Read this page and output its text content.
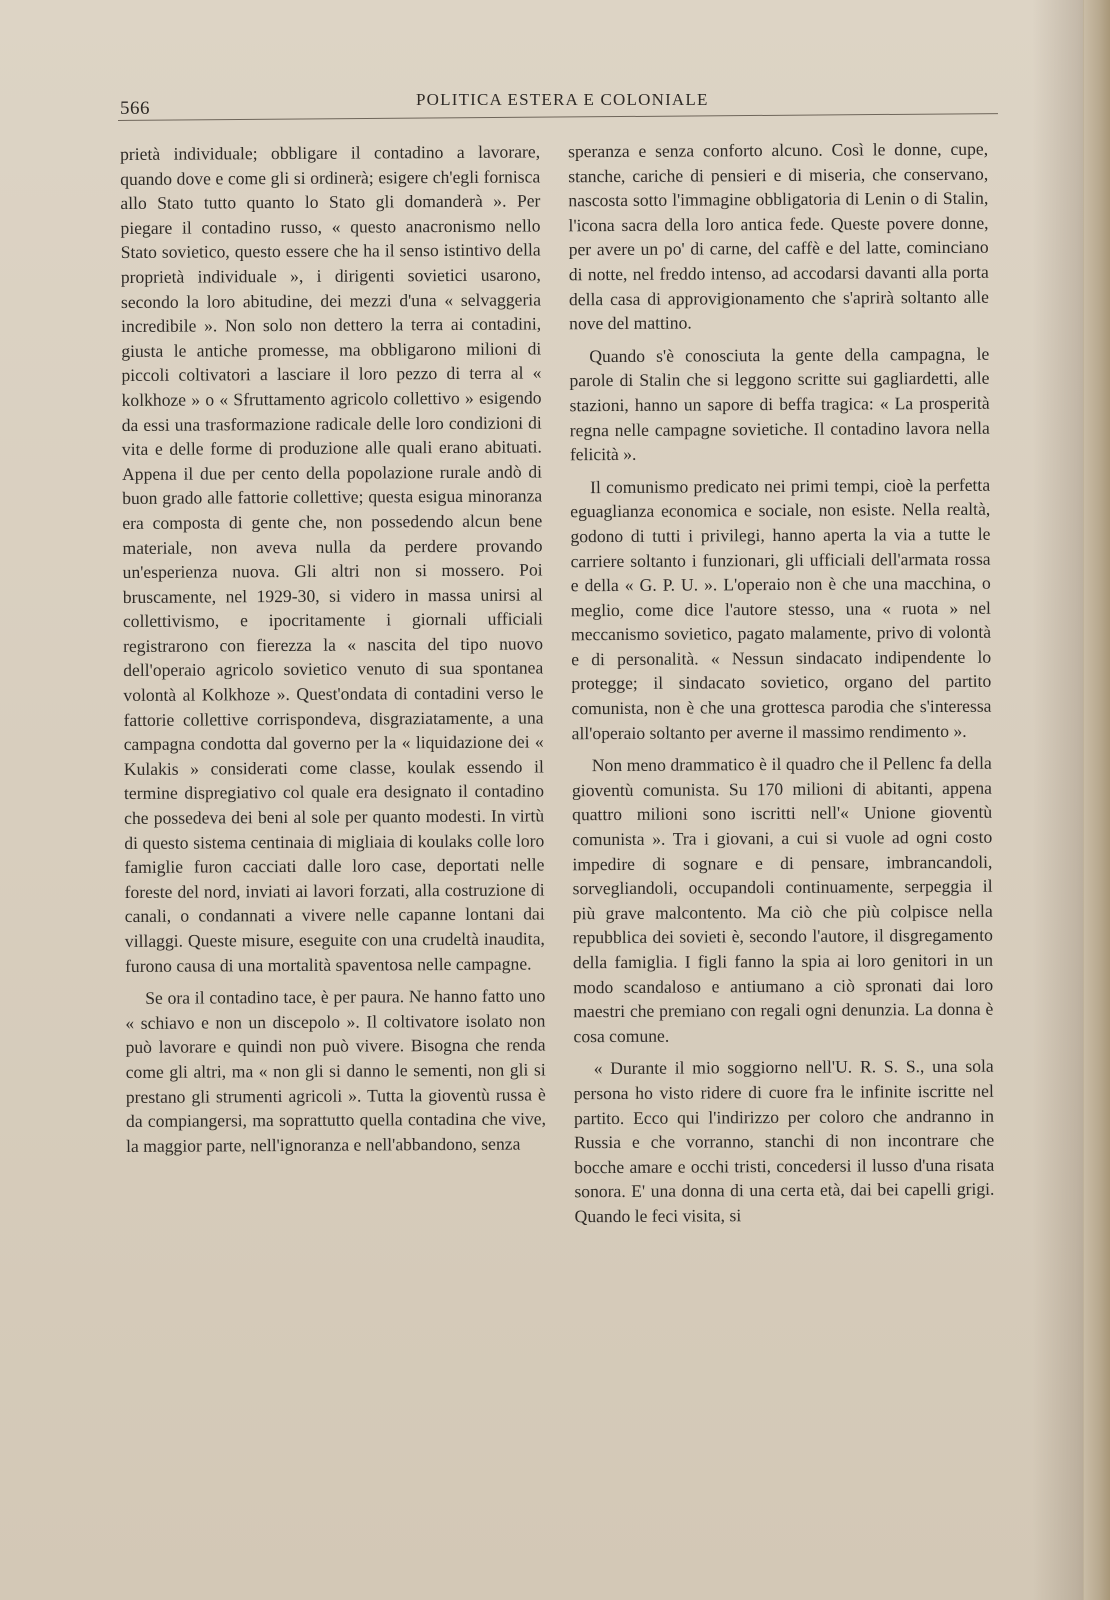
566	POLITICA ESTERA E COLONIALE

prietà individuale; obbligare il contadino a lavorare, quando dove e come gli si ordinerà; esigere ch'egli fornisca allo Stato tutto quanto lo Stato gli domanderà ». Per piegare il contadino russo, « questo anacronismo nello Stato sovietico, questo essere che ha il senso istintivo della proprietà individuale », i dirigenti sovietici usarono, secondo la loro abitudine, dei mezzi d'una « selvaggeria incredibile ». Non solo non dettero la terra ai contadini, giusta le antiche promesse, ma obbligarono milioni di piccoli coltivatori a lasciare il loro pezzo di terra al « kolkhoze » o « Sfruttamento agricolo collettivo » esigendo da essi una trasformazione radicale delle loro condizioni di vita e delle forme di produzione alle quali erano abituati. Appena il due per cento della popolazione rurale andò di buon grado alle fattorie collettive; questa esigua minoranza era composta di gente che, non possedendo alcun bene materiale, non aveva nulla da perdere provando un'esperienza nuova. Gli altri non si mossero. Poi bruscamente, nel 1929-30, si videro in massa unirsi al collettivismo, e ipocritamente i giornali ufficiali registrarono con fierezza la « nascita del tipo nuovo dell'operaio agricolo sovietico venuto di sua spontanea volontà al Kolkhoze ». Quest'ondata di contadini verso le fattorie collettive corrispondeva, disgraziatamente, a una campagna condotta dal governo per la « liquidazione dei « Kulakis » considerati come classe, koulak essendo il termine dispregiativo col quale era designato il contadino che possedeva dei beni al sole per quanto modesti. In virtù di questo sistema centinaia di migliaia di koulaks colle loro famiglie furon cacciati dalle loro case, deportati nelle foreste del nord, inviati ai lavori forzati, alla costruzione di canali, o condannati a vivere nelle capanne lontani dai villaggi. Queste misure, eseguite con una crudeltà inaudita, furono causa di una mortalità spaventosa nelle campagne.

Se ora il contadino tace, è per paura. Ne hanno fatto uno « schiavo e non un discepolo ». Il coltivatore isolato non può lavorare e quindi non può vivere. Bisogna che renda come gli altri, ma « non gli si danno le sementi, non gli si prestano gli strumenti agricoli ». Tutta la gioventù russa è da compiangersi, ma soprattutto quella contadina che vive, la maggior parte, nell'ignoranza e nell'abbandono, senza

speranza e senza conforto alcuno. Così le donne, cupe, stanche, cariche di pensieri e di miseria, che conservano, nascosta sotto l'immagine obbligatoria di Lenin o di Stalin, l'icona sacra della loro antica fede. Queste povere donne, per avere un po' di carne, del caffè e del latte, cominciano di notte, nel freddo intenso, ad accodarsi davanti alla porta della casa di approvigionamento che s'aprirà soltanto alle nove del mattino.

Quando s'è conosciuta la gente della campagna, le parole di Stalin che si leggono scritte sui gagliardetti, alle stazioni, hanno un sapore di beffa tragica: « La prosperità regna nelle campagne sovietiche. Il contadino lavora nella felicità ».

Il comunismo predicato nei primi tempi, cioè la perfetta eguaglianza economica e sociale, non esiste. Nella realtà, godono di tutti i privilegi, hanno aperta la via a tutte le carriere soltanto i funzionari, gli ufficiali dell'armata rossa e della « G. P. U. ». L'operaio non è che una macchina, o meglio, come dice l'autore stesso, una « ruota » nel meccanismo sovietico, pagato malamente, privo di volontà e di personalità. « Nessun sindacato indipendente lo protegge; il sindacato sovietico, organo del partito comunista, non è che una grottesca parodia che s'interessa all'operaio soltanto per averne il massimo rendimento ».

Non meno drammatico è il quadro che il Pellenc fa della gioventù comunista. Su 170 milioni di abitanti, appena quattro milioni sono iscritti nell'« Unione gioventù comunista ». Tra i giovani, a cui si vuole ad ogni costo impedire di sognare e di pensare, imbrancandoli, sorvegliandoli, occupandoli continuamente, serpeggia il più grave malcontento. Ma ciò che più colpisce nella repubblica dei sovieti è, secondo l'autore, il disgregamento della famiglia. I figli fanno la spia ai loro genitori in un modo scandaloso e antiumano a ciò spronati dai loro maestri che premiano con regali ogni denunzia. La donna è cosa comune.

« Durante il mio soggiorno nell'U. R. S. S., una sola persona ho visto ridere di cuore fra le infinite iscritte nel partito. Ecco qui l'indirizzo per coloro che andranno in Russia e che vorranno, stanchi di non incontrare che bocche amare e occhi tristi, concedersi il lusso d'una risata sonora. E' una donna di una certa età, dai bei capelli grigi. Quando le feci visita, si
